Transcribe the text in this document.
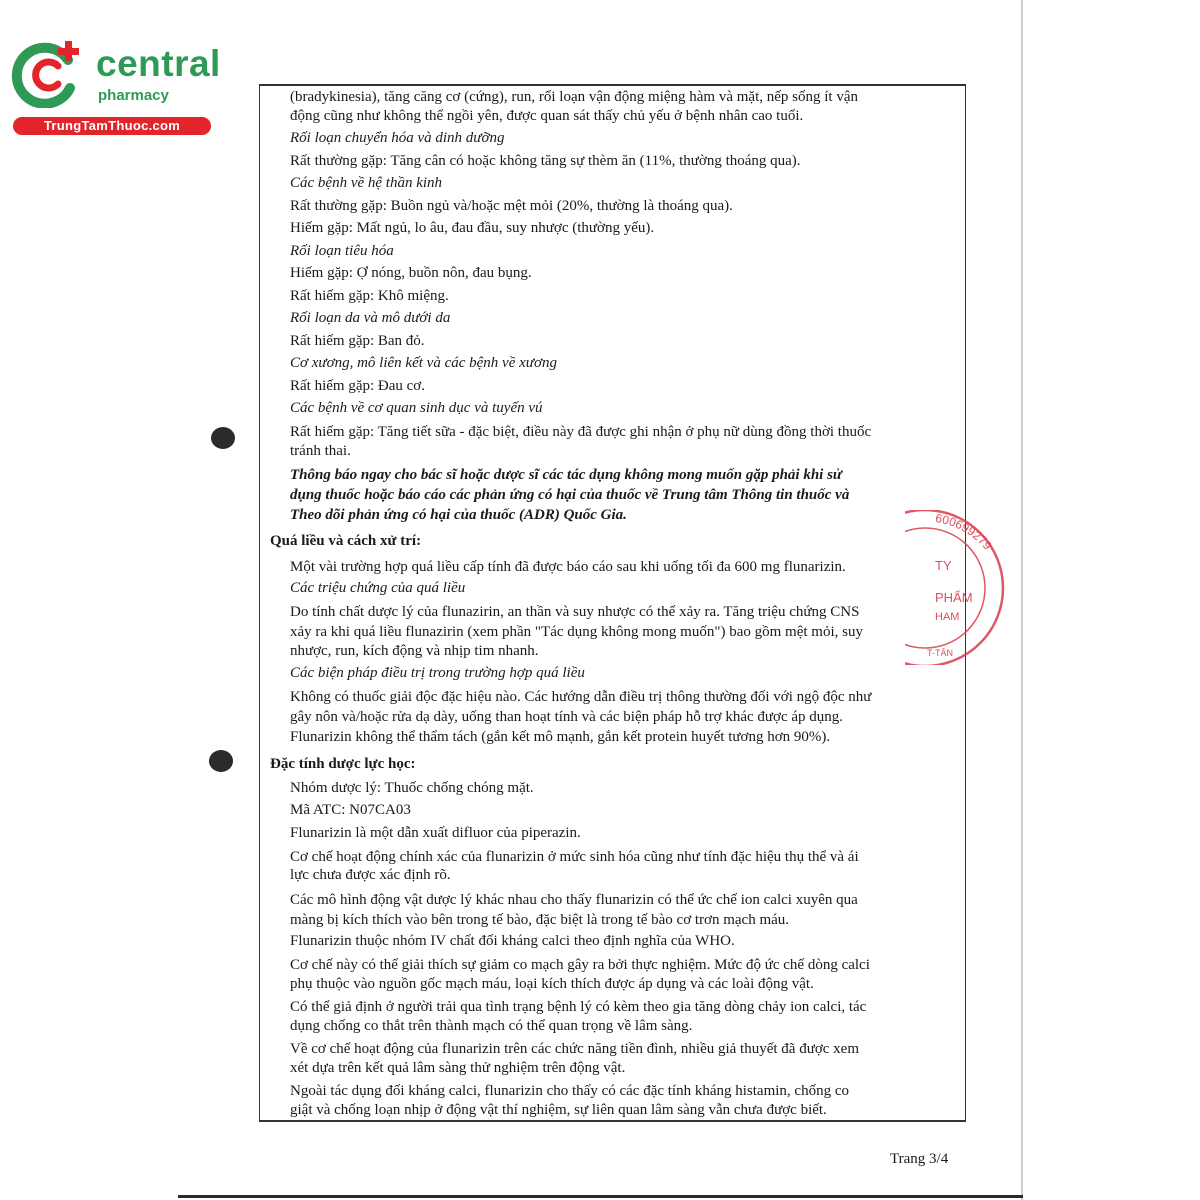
central
pharmacy
TrungTamThuoc.com
(bradykinesia), tăng căng cơ (cứng), run, rối loạn vận động miệng hàm và mặt, nếp sống ít vận
động cũng như không thể ngồi yên, được quan sát thấy chủ yếu ở bệnh nhân cao tuổi.
Rối loạn chuyển hóa và dinh dưỡng
Rất thường gặp: Tăng cân có hoặc không tăng sự thèm ăn (11%, thường thoáng qua).
Các bệnh về hệ thần kinh
Rất thường gặp: Buồn ngủ và/hoặc mệt mỏi (20%, thường là thoáng qua).
Hiếm gặp: Mất ngủ, lo âu, đau đầu, suy nhược (thường yếu).
Rối loạn tiêu hóa
Hiếm gặp: Ợ nóng, buồn nôn, đau bụng.
Rất hiếm gặp: Khô miệng.
Rối loạn da và mô dưới da
Rất hiếm gặp: Ban đỏ.
Cơ xương, mô liên kết và các bệnh về xương
Rất hiếm gặp: Đau cơ.
Các bệnh về cơ quan sinh dục và tuyến vú
Rất hiếm gặp: Tăng tiết sữa - đặc biệt, điều này đã được ghi nhận ở phụ nữ dùng đồng thời thuốc
tránh thai.
Thông báo ngay cho bác sĩ hoặc dược sĩ các tác dụng không mong muốn gặp phải khi sử
dụng thuốc hoặc báo cáo các phản ứng có hại của thuốc về Trung tâm Thông tin thuốc và
Theo dõi phản ứng có hại của thuốc (ADR) Quốc Gia.
Quá liều và cách xử trí:
Một vài trường hợp quá liều cấp tính đã được báo cáo sau khi uống tối đa 600 mg flunarizin.
Các triệu chứng của quá liều
Do tính chất dược lý của flunazirin, an thần và suy nhược có thể xảy ra. Tăng triệu chứng CNS
xảy ra khi quá liều flunazirin (xem phần "Tác dụng không mong muốn") bao gồm mệt mỏi, suy
nhược, run, kích động và nhịp tim nhanh.
Các biện pháp điều trị trong trường hợp quá liều
Không có thuốc giải độc đặc hiệu nào. Các hướng dẫn điều trị thông thường đối với ngộ độc như
gây nôn và/hoặc rửa dạ dày, uống than hoạt tính và các biện pháp hỗ trợ khác được áp dụng.
Flunarizin không thể thẩm tách (gắn kết mô mạnh, gắn kết protein huyết tương hơn 90%).
Đặc tính dược lực học:
Nhóm dược lý: Thuốc chống chóng mặt.
Mã ATC: N07CA03
Flunarizin là một dẫn xuất difluor của piperazin.
Cơ chế hoạt động chính xác của flunarizin ở mức sinh hóa cũng như tính đặc hiệu thụ thể và ái
lực chưa được xác định rõ.
Các mô hình động vật dược lý khác nhau cho thấy flunarizin có thể ức chế ion calci xuyên qua
màng bị kích thích vào bên trong tế bào, đặc biệt là trong tế bào cơ trơn mạch máu.
Flunarizin thuộc nhóm IV chất đối kháng calci theo định nghĩa của WHO.
Cơ chế này có thể giải thích sự giảm co mạch gây ra bởi thực nghiệm. Mức độ ức chế dòng calci
phụ thuộc vào nguồn gốc mạch máu, loại kích thích được áp dụng và các loài động vật.
Có thể giả định ở người trải qua tình trạng bệnh lý có kèm theo gia tăng dòng chảy ion calci, tác
dụng chống co thắt trên thành mạch có thể quan trọng về lâm sàng.
Về cơ chế hoạt động của flunarizin trên các chức năng tiền đình, nhiều giả thuyết đã được xem
xét dựa trên kết quả lâm sàng thử nghiệm trên động vật.
Ngoài tác dụng đối kháng calci, flunarizin cho thấy có các đặc tính kháng histamin, chống co
giật và chống loạn nhịp ở động vật thí nghiệm, sự liên quan lâm sàng vẫn chưa được biết.
600699279
TY
PHẨM
HAM
T-TÂN
Trang 3/4
